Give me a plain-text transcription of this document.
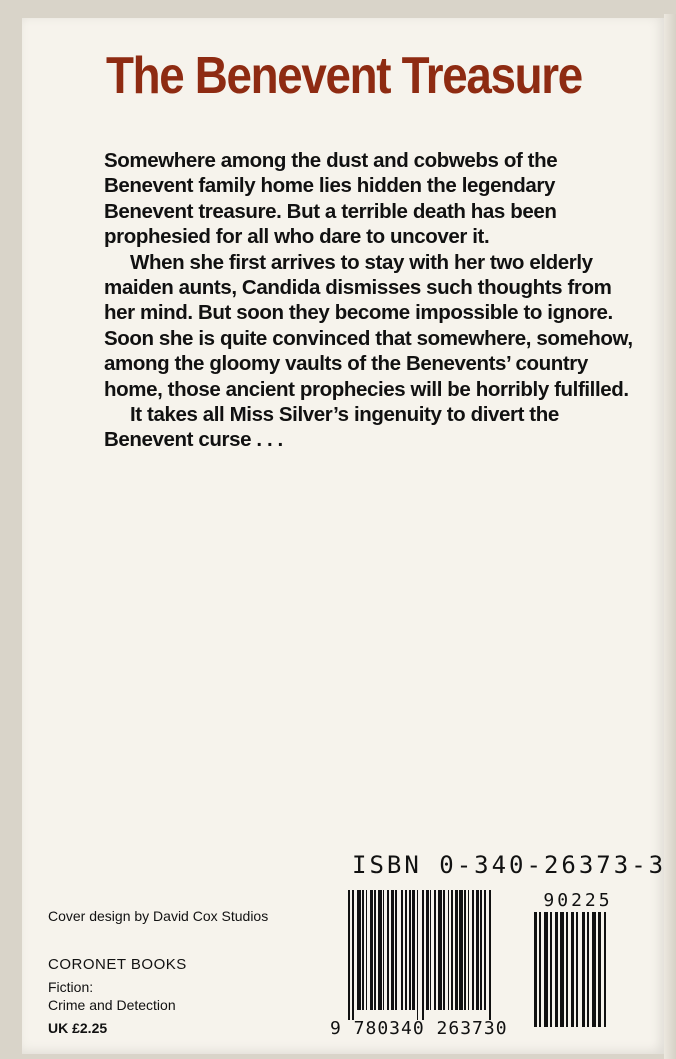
The Benevent Treasure

Somewhere among the dust and cobwebs of the Benevent family home lies hidden the legendary Benevent treasure. But a terrible death has been prophesied for all who dare to uncover it.

When she first arrives to stay with her two elderly maiden aunts, Candida dismisses such thoughts from her mind. But soon they become impossible to ignore. Soon she is quite convinced that somewhere, somehow, among the gloomy vaults of the Benevents’ country home, those ancient prophecies will be horribly fulfilled.

It takes all Miss Silver’s ingenuity to divert the Benevent curse . . .

ISBN 0-340-26373-3
Cover design by David Cox Studios
CORONET BOOKS
Fiction:
Crime and Detection
UK £2.25
90225
9 780340 263730
